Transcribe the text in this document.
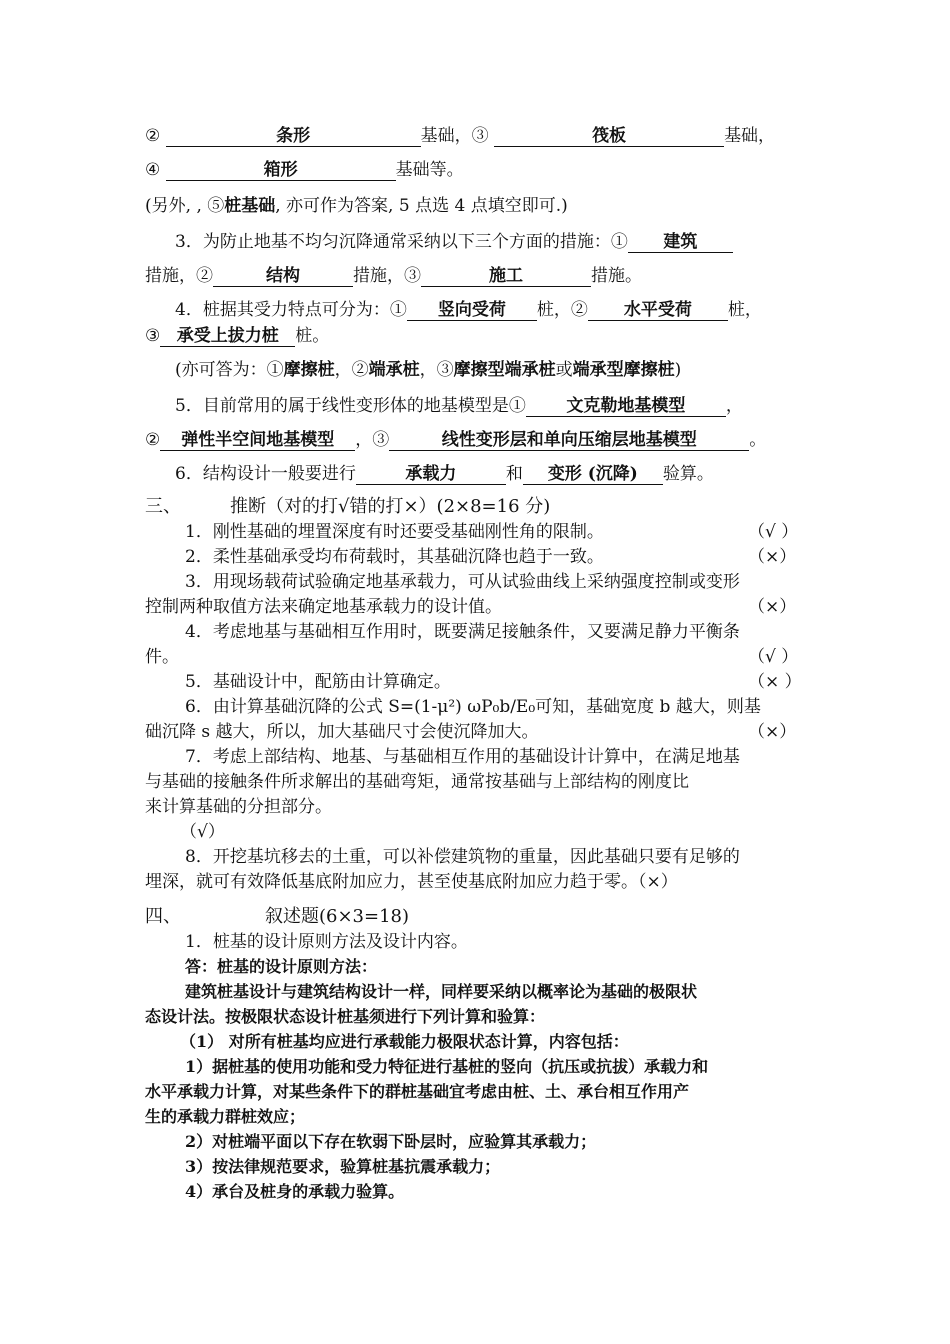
②	条形	基础，③	筏板	基础，
④	箱形	基础等。
(另外, , ⑤桩基础, 亦可作为答案, 5 点选 4 点填空即可.)
3．为防止地基不均匀沉降通常采纳以下三个方面的措施：① 建筑
措施，②	结构	措施，③	施工	措施。
4．桩据其受力特点可分为：① 竖向受荷 桩，② 水平受荷 桩，
③ 承受上拔力桩 桩。
(亦可答为：①摩擦桩，②端承桩，③摩擦型端承桩或端承型摩擦桩)
5．目前常用的属于线性变形体的地基模型是① 文克勒地基模型 ，
② 弹性半空间地基模型 ，③	线性变形层和单向压缩层地基模型	。
6．结构设计一般要进行	承载力	和 变形 (沉降) 验算。
三、	推断（对的打√错的打×）(2×8=16 分)
1．刚性基础的埋置深度有时还要受基础刚性角的限制。	（√ ）
2．柔性基础承受均布荷载时，其基础沉降也趋于一致。	（×）
3．用现场载荷试验确定地基承载力，可从试验曲线上采纳强度控制或变形
控制两种取值方法来确定地基承载力的设计值。	（×）
4．考虑地基与基础相互作用时，既要满足接触条件，又要满足静力平衡条
件。	（√ ）
5．基础设计中，配筋由计算确定。	（× ）
6．由计算基础沉降的公式 S=(1-μ²) ωP₀b/E₀可知，基础宽度 b 越大，则基
础沉降 s 越大，所以，加大基础尺寸会使沉降加大。	（×）
7．考虑上部结构、地基、与基础相互作用的基础设计计算中，在满足地基
与基础的接触条件所求解出的基础弯矩，通常按基础与上部结构的刚度比
来计算基础的分担部分。
（√）
8．开挖基坑移去的土重，可以补偿建筑物的重量，因此基础只要有足够的
埋深，就可有效降低基底附加应力，甚至使基底附加应力趋于零。（×）
四、	叙述题(6×3=18)
1．桩基的设计原则方法及设计内容。
答：桩基的设计原则方法：
建筑桩基设计与建筑结构设计一样，同样要采纳以概率论为基础的极限状
态设计法。按极限状态设计桩基须进行下列计算和验算：
（1） 对所有桩基均应进行承载能力极限状态计算，内容包括：
1）据桩基的使用功能和受力特征进行基桩的竖向（抗压或抗拔）承载力和
水平承载力计算，对某些条件下的群桩基础宜考虑由桩、土、承台相互作用产
生的承载力群桩效应；
2）对桩端平面以下存在软弱下卧层时，应验算其承载力；
3）按法律规范要求，验算桩基抗震承载力；
4）承台及桩身的承载力验算。
